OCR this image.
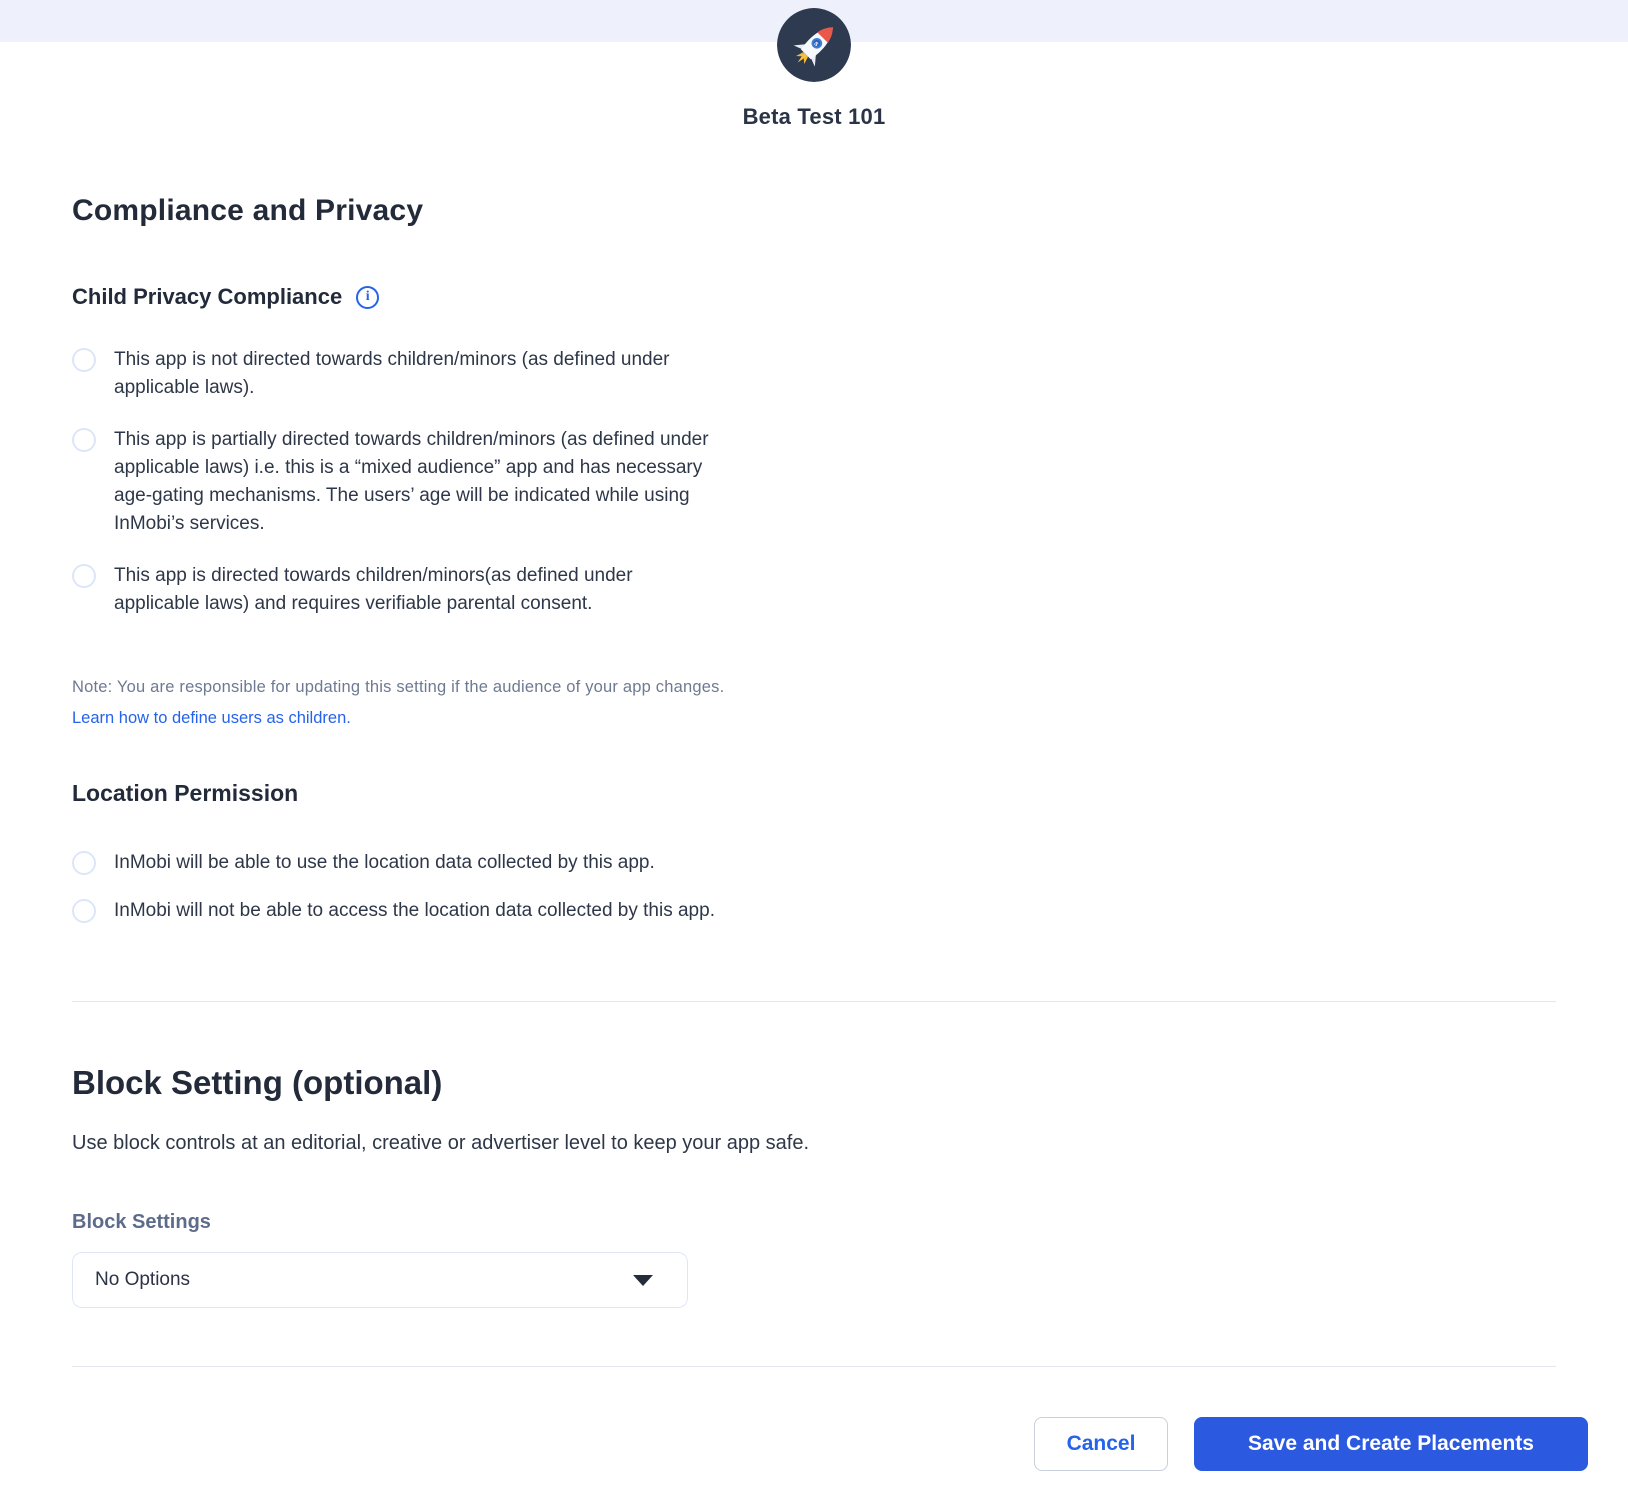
s
Beta Test 101
Compliance and Privacy
Child Privacy Compliance	i
This app is not directed towards children/minors (as defined under applicable laws).
This app is partially directed towards children/minors (as defined under applicable laws) i.e. this is a “mixed audience” app and has necessary age-gating mechanisms. The users’ age will be indicated while using InMobi’s services.
This app is directed towards children/minors(as defined under applicable laws) and requires verifiable parental consent.

Note: You are responsible for updating this setting if the audience of your app changes.

Learn how to define users as children.
Location Permission
InMobi will be able to use the location data collected by this app.
InMobi will not be able to access the location data collected by this app.
Block Setting (optional)

Use block controls at an editorial, creative or advertiser level to keep your app safe.

Block Settings
No Options
Cancel	Save and Create Placements
